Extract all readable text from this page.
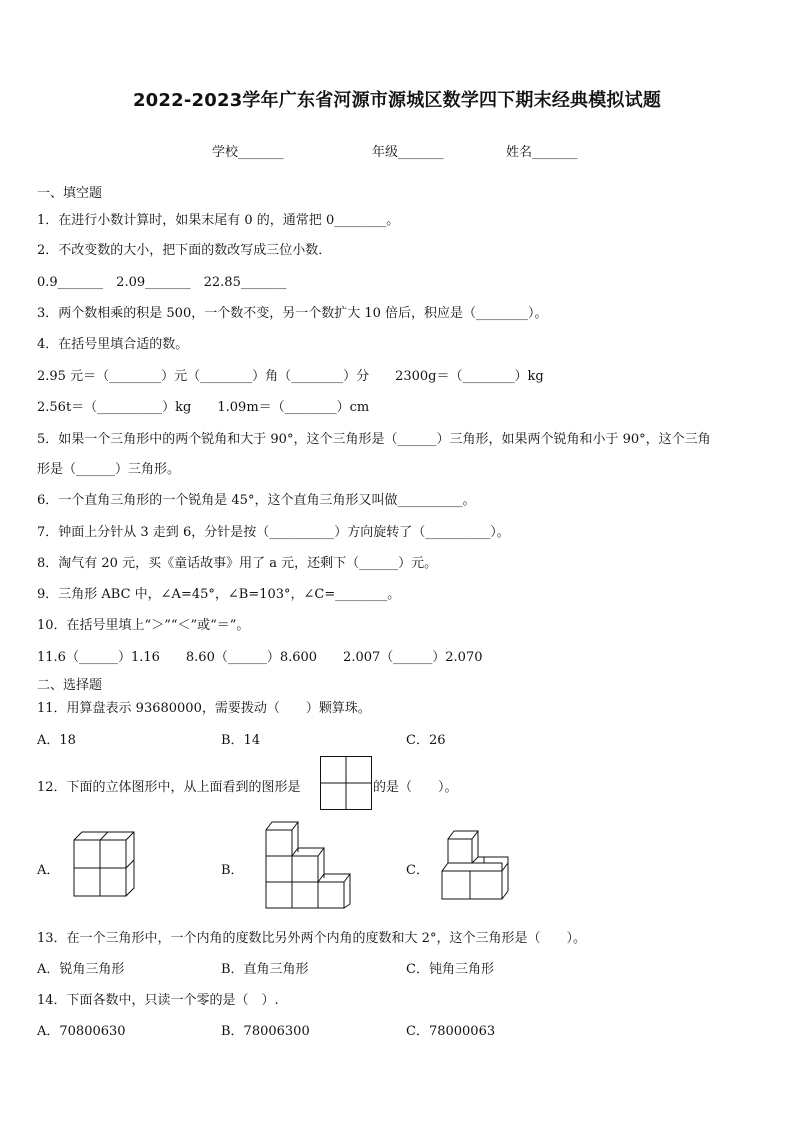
2022-2023学年广东省河源市源城区数学四下期末经典模拟试题
学校_______	年级_______	姓名_______
一、填空题
1．在进行小数计算时，如果末尾有 0 的，通常把 0________。
2．不改变数的大小，把下面的数改写成三位小数．
0.9_______　2.09_______　22.85_______
3．两个数相乘的积是 500，一个数不变，另一个数扩大 10 倍后，积应是（________）。
4．在括号里填合适的数。
2.95 元＝（________）元（________）角（________）分　　2300g＝（________）kg
2.56t＝（__________）kg　　1.09m＝（________）cm
5．如果一个三角形中的两个锐角和大于 90°，这个三角形是（______）三角形，如果两个锐角和小于 90°，这个三角
形是（______）三角形。
6．一个直角三角形的一个锐角是 45°，这个直角三角形又叫做__________。
7．钟面上分针从 3 走到 6，分针是按（__________）方向旋转了（__________）。
8．淘气有 20 元，买《童话故事》用了 a 元，还剩下（______）元。
9．三角形 ABC 中，∠A=45°，∠B=103°，∠C=________。
10．在括号里填上“＞”“＜”或“＝”。
11.6（______）1.16　　8.60（______）8.600　　2.007（______）2.070
二、选择题
11．用算盘表示 93680000，需要拨动（　　）颗算珠。
A．18	B．14	C．26
12．下面的立体图形中，从上面看到的图形是	的是（　　）。
A．	B．	C．
13．在一个三角形中，一个内角的度数比另外两个内角的度数和大 2°，这个三角形是（　　）。
A．锐角三角形	B．直角三角形	C．钝角三角形
14．下面各数中，只读一个零的是（　）.
A．70800630	B．78006300	C．78000063
